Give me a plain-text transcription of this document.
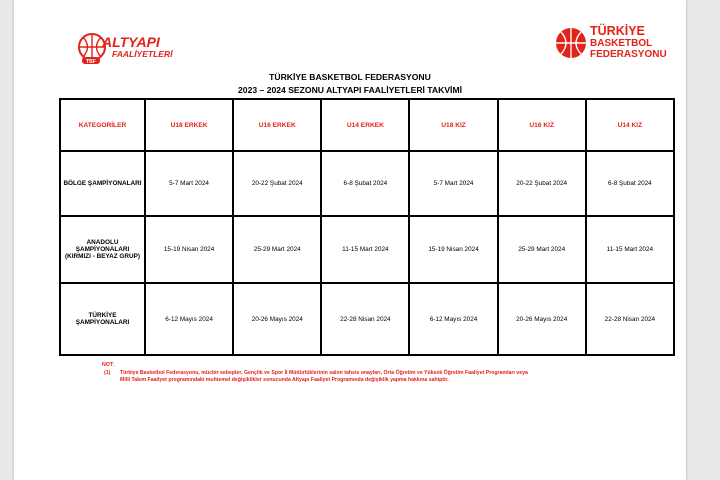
TBF
ALTYAPI
FAALİYETLERİ
TÜRKİYE
BASKETBOL
FEDERASYONU
TÜRKİYE BASKETBOL FEDERASYONU
2023 – 2024 SEZONU ALTYAPI FAALİYETLERİ TAKVİMİ
KATEGORİLER	U18 ERKEK	U16 ERKEK	U14 ERKEK	U18 KIZ	U16 KIZ	U14 KIZ
BÖLGE ŞAMPİYONALARI	5-7 Mart 2024	20-22 Şubat 2024	6-8 Şubat 2024	5-7 Mart 2024	20-22 Şubat 2024	6-8 Şubat 2024
ANADOLU ŞAMPİYONALARI (KIRMIZI - BEYAZ GRUP)	15-19 Nisan 2024	25-29 Mart 2024	11-15 Mart 2024	15-19 Nisan 2024	25-29 Mart 2024	11-15 Mart 2024
TÜRKİYE ŞAMPİYONALARI	6-12 Mayıs 2024	20-26 Mayıs 2024	22-28 Nisan 2024	6-12 Mayıs 2024	20-26 Mayıs 2024	22-28 Nisan 2024
NOT:
(1)	Türkiye Basketbol Federasyonu, mücbir sebepler, Gençlik ve Spor İl Müdürlüklerinin salon tahsis onayları, Orta Öğretim ve Yüksek Öğretim Faaliyet Programları veya
Milli Takım Faaliyet programındaki muhtemel değişiklikler sonucunda Altyapı Faaliyet Programında değişiklik yapma hakkına sahiptir.
